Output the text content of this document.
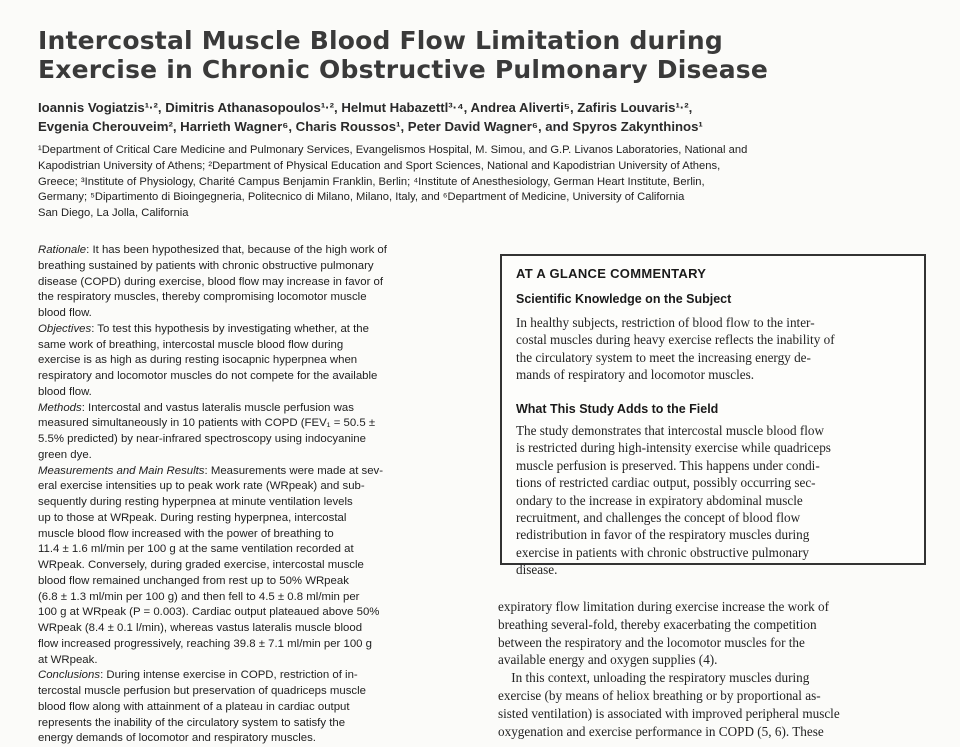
Intercostal Muscle Blood Flow Limitation during
Exercise in Chronic Obstructive Pulmonary Disease
Ioannis Vogiatzis¹·², Dimitris Athanasopoulos¹·², Helmut Habazettl³·⁴, Andrea Aliverti⁵, Zafiris Louvaris¹·²,
Evgenia Cherouveim², Harrieth Wagner⁶, Charis Roussos¹, Peter David Wagner⁶, and Spyros Zakynthinos¹
¹Department of Critical Care Medicine and Pulmonary Services, Evangelismos Hospital, M. Simou, and G.P. Livanos Laboratories, National and
Kapodistrian University of Athens; ²Department of Physical Education and Sport Sciences, National and Kapodistrian University of Athens,
Greece; ³Institute of Physiology, Charité Campus Benjamin Franklin, Berlin; ⁴Institute of Anesthesiology, German Heart Institute, Berlin,
Germany; ⁵Dipartimento di Bioingegneria, Politecnico di Milano, Milano, Italy, and ⁶Department of Medicine, University of California
San Diego, La Jolla, California
Rationale: It has been hypothesized that, because of the high work of
breathing sustained by patients with chronic obstructive pulmonary
disease (COPD) during exercise, blood flow may increase in favor of
the respiratory muscles, thereby compromising locomotor muscle
blood flow.
Objectives: To test this hypothesis by investigating whether, at the
same work of breathing, intercostal muscle blood flow during
exercise is as high as during resting isocapnic hyperpnea when
respiratory and locomotor muscles do not compete for the available
blood flow.
Methods: Intercostal and vastus lateralis muscle perfusion was
measured simultaneously in 10 patients with COPD (FEV₁ = 50.5 ±
5.5% predicted) by near-infrared spectroscopy using indocyanine
green dye.
Measurements and Main Results: Measurements were made at sev-
eral exercise intensities up to peak work rate (WRpeak) and sub-
sequently during resting hyperpnea at minute ventilation levels
up to those at WRpeak. During resting hyperpnea, intercostal
muscle blood flow increased with the power of breathing to
11.4 ± 1.6 ml/min per 100 g at the same ventilation recorded at
WRpeak. Conversely, during graded exercise, intercostal muscle
blood flow remained unchanged from rest up to 50% WRpeak
(6.8 ± 1.3 ml/min per 100 g) and then fell to 4.5 ± 0.8 ml/min per
100 g at WRpeak (P = 0.003). Cardiac output plateaued above 50%
WRpeak (8.4 ± 0.1 l/min), whereas vastus lateralis muscle blood
flow increased progressively, reaching 39.8 ± 7.1 ml/min per 100 g
at WRpeak.
Conclusions: During intense exercise in COPD, restriction of in-
tercostal muscle perfusion but preservation of quadriceps muscle
blood flow along with attainment of a plateau in cardiac output
represents the inability of the circulatory system to satisfy the
energy demands of locomotor and respiratory muscles.
AT A GLANCE COMMENTARY
Scientific Knowledge on the Subject
In healthy subjects, restriction of blood flow to the inter-
costal muscles during heavy exercise reflects the inability of
the circulatory system to meet the increasing energy de-
mands of respiratory and locomotor muscles.
What This Study Adds to the Field
The study demonstrates that intercostal muscle blood flow
is restricted during high-intensity exercise while quadriceps
muscle perfusion is preserved. This happens under condi-
tions of restricted cardiac output, possibly occurring sec-
ondary to the increase in expiratory abdominal muscle
recruitment, and challenges the concept of blood flow
redistribution in favor of the respiratory muscles during
exercise in patients with chronic obstructive pulmonary
disease.
expiratory flow limitation during exercise increase the work of
breathing several-fold, thereby exacerbating the competition
between the respiratory and the locomotor muscles for the
available energy and oxygen supplies (4).
In this context, unloading the respiratory muscles during
exercise (by means of heliox breathing or by proportional as-
sisted ventilation) is associated with improved peripheral muscle
oxygenation and exercise performance in COPD (5, 6). These
